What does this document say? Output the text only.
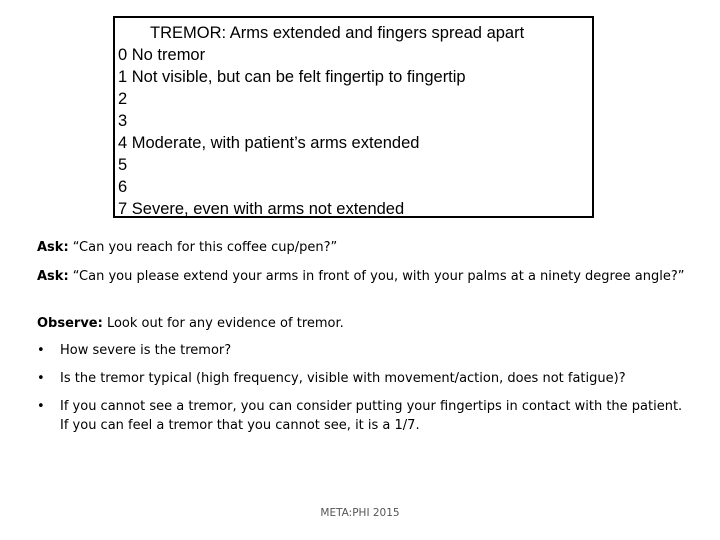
TREMOR: Arms extended and fingers spread apart
0 No tremor
1 Not visible, but can be felt fingertip to fingertip
2
3
4 Moderate, with patient’s arms extended
5
6
7 Severe, even with arms not extended
Ask: “Can you reach for this coffee cup/pen?”
Ask: “Can you please extend your arms in front of you, with your palms at a ninety degree angle?”
Observe: Look out for any evidence of tremor.
• How severe is the tremor?
• Is the tremor typical (high frequency, visible with movement/action, does not fatigue)?
• If you cannot see a tremor, you can consider putting your fingertips in contact with the patient.
If you can feel a tremor that you cannot see, it is a 1/7.
META:PHI 2015
